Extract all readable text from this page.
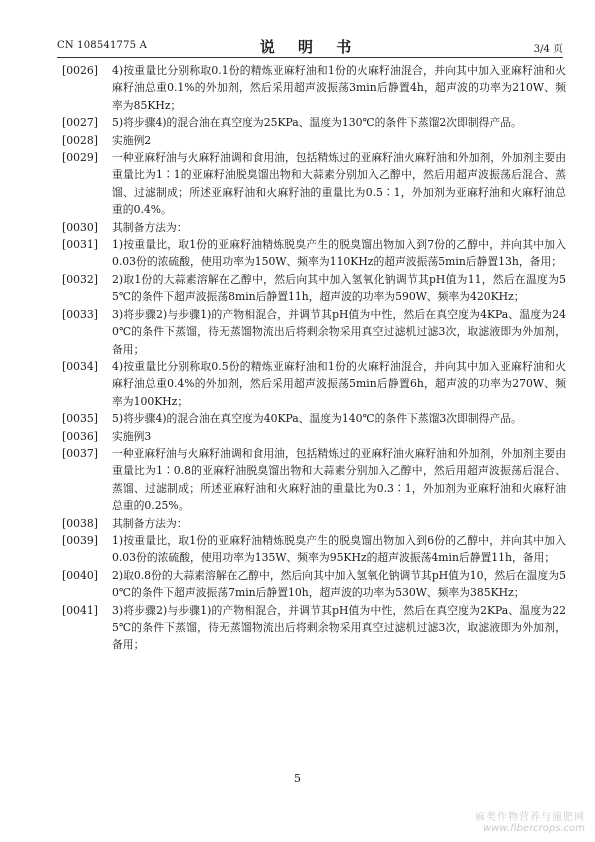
CN 108541775 A	说 明 书	3/4 页
[0026]	4)按重量比分别称取0.1份的精炼亚麻籽油和1份的火麻籽油混合，并向其中加入亚麻籽油和火麻籽油总重0.1%的外加剂，然后采用超声波振荡3min后静置4h，超声波的功率为210W、频率为85KHz；
[0027]	5)将步骤4)的混合油在真空度为25KPa、温度为130℃的条件下蒸馏2次即制得产品。
[0028]	实施例2
[0029]	一种亚麻籽油与火麻籽油调和食用油，包括精炼过的亚麻籽油火麻籽油和外加剂，外加剂主要由重量比为1∶1的亚麻籽油脱臭馏出物和大蒜素分别加入乙醇中，然后用超声波振荡后混合、蒸馏、过滤制成；所述亚麻籽油和火麻籽油的重量比为0.5∶1，外加剂为亚麻籽油和火麻籽油总重的0.4%。
[0030]	其制备方法为：
[0031]	1)按重量比，取1份的亚麻籽油精炼脱臭产生的脱臭馏出物加入到7份的乙醇中，并向其中加入0.03份的浓硫酸，使用功率为150W、频率为110KHz的超声波振荡5min后静置13h，备用；
[0032]	2)取1份的大蒜素溶解在乙醇中，然后向其中加入氢氧化钠调节其pH值为11，然后在温度为55℃的条件下超声波振荡8min后静置11h，超声波的功率为590W、频率为420KHz；
[0033]	3)将步骤2)与步骤1)的产物相混合，并调节其pH值为中性，然后在真空度为4KPa、温度为240℃的条件下蒸馏，待无蒸馏物流出后将剩余物采用真空过滤机过滤3次，取滤液即为外加剂，备用；
[0034]	4)按重量比分别称取0.5份的精炼亚麻籽油和1份的火麻籽油混合，并向其中加入亚麻籽油和火麻籽油总重0.4%的外加剂，然后采用超声波振荡5min后静置6h，超声波的功率为270W、频率为100KHz；
[0035]	5)将步骤4)的混合油在真空度为40KPa、温度为140℃的条件下蒸馏3次即制得产品。
[0036]	实施例3
[0037]	一种亚麻籽油与火麻籽油调和食用油，包括精炼过的亚麻籽油火麻籽油和外加剂，外加剂主要由重量比为1∶0.8的亚麻籽油脱臭馏出物和大蒜素分别加入乙醇中，然后用超声波振荡后混合、蒸馏、过滤制成；所述亚麻籽油和火麻籽油的重量比为0.3∶1，外加剂为亚麻籽油和火麻籽油总重的0.25%。
[0038]	其制备方法为：
[0039]	1)按重量比，取1份的亚麻籽油精炼脱臭产生的脱臭馏出物加入到6份的乙醇中，并向其中加入0.03份的浓硫酸，使用功率为135W、频率为95KHz的超声波振荡4min后静置11h，备用；
[0040]	2)取0.8份的大蒜素溶解在乙醇中，然后向其中加入氢氧化钠调节其pH值为10，然后在温度为50℃的条件下超声波振荡7min后静置10h，超声波的功率为530W、频率为385KHz；
[0041]	3)将步骤2)与步骤1)的产物相混合，并调节其pH值为中性，然后在真空度为2KPa、温度为225℃的条件下蒸馏，待无蒸馏物流出后将剩余物采用真空过滤机过滤3次，取滤液即为外加剂，备用；
5
麻类作物营养与施肥网
www.fibercrops.com
